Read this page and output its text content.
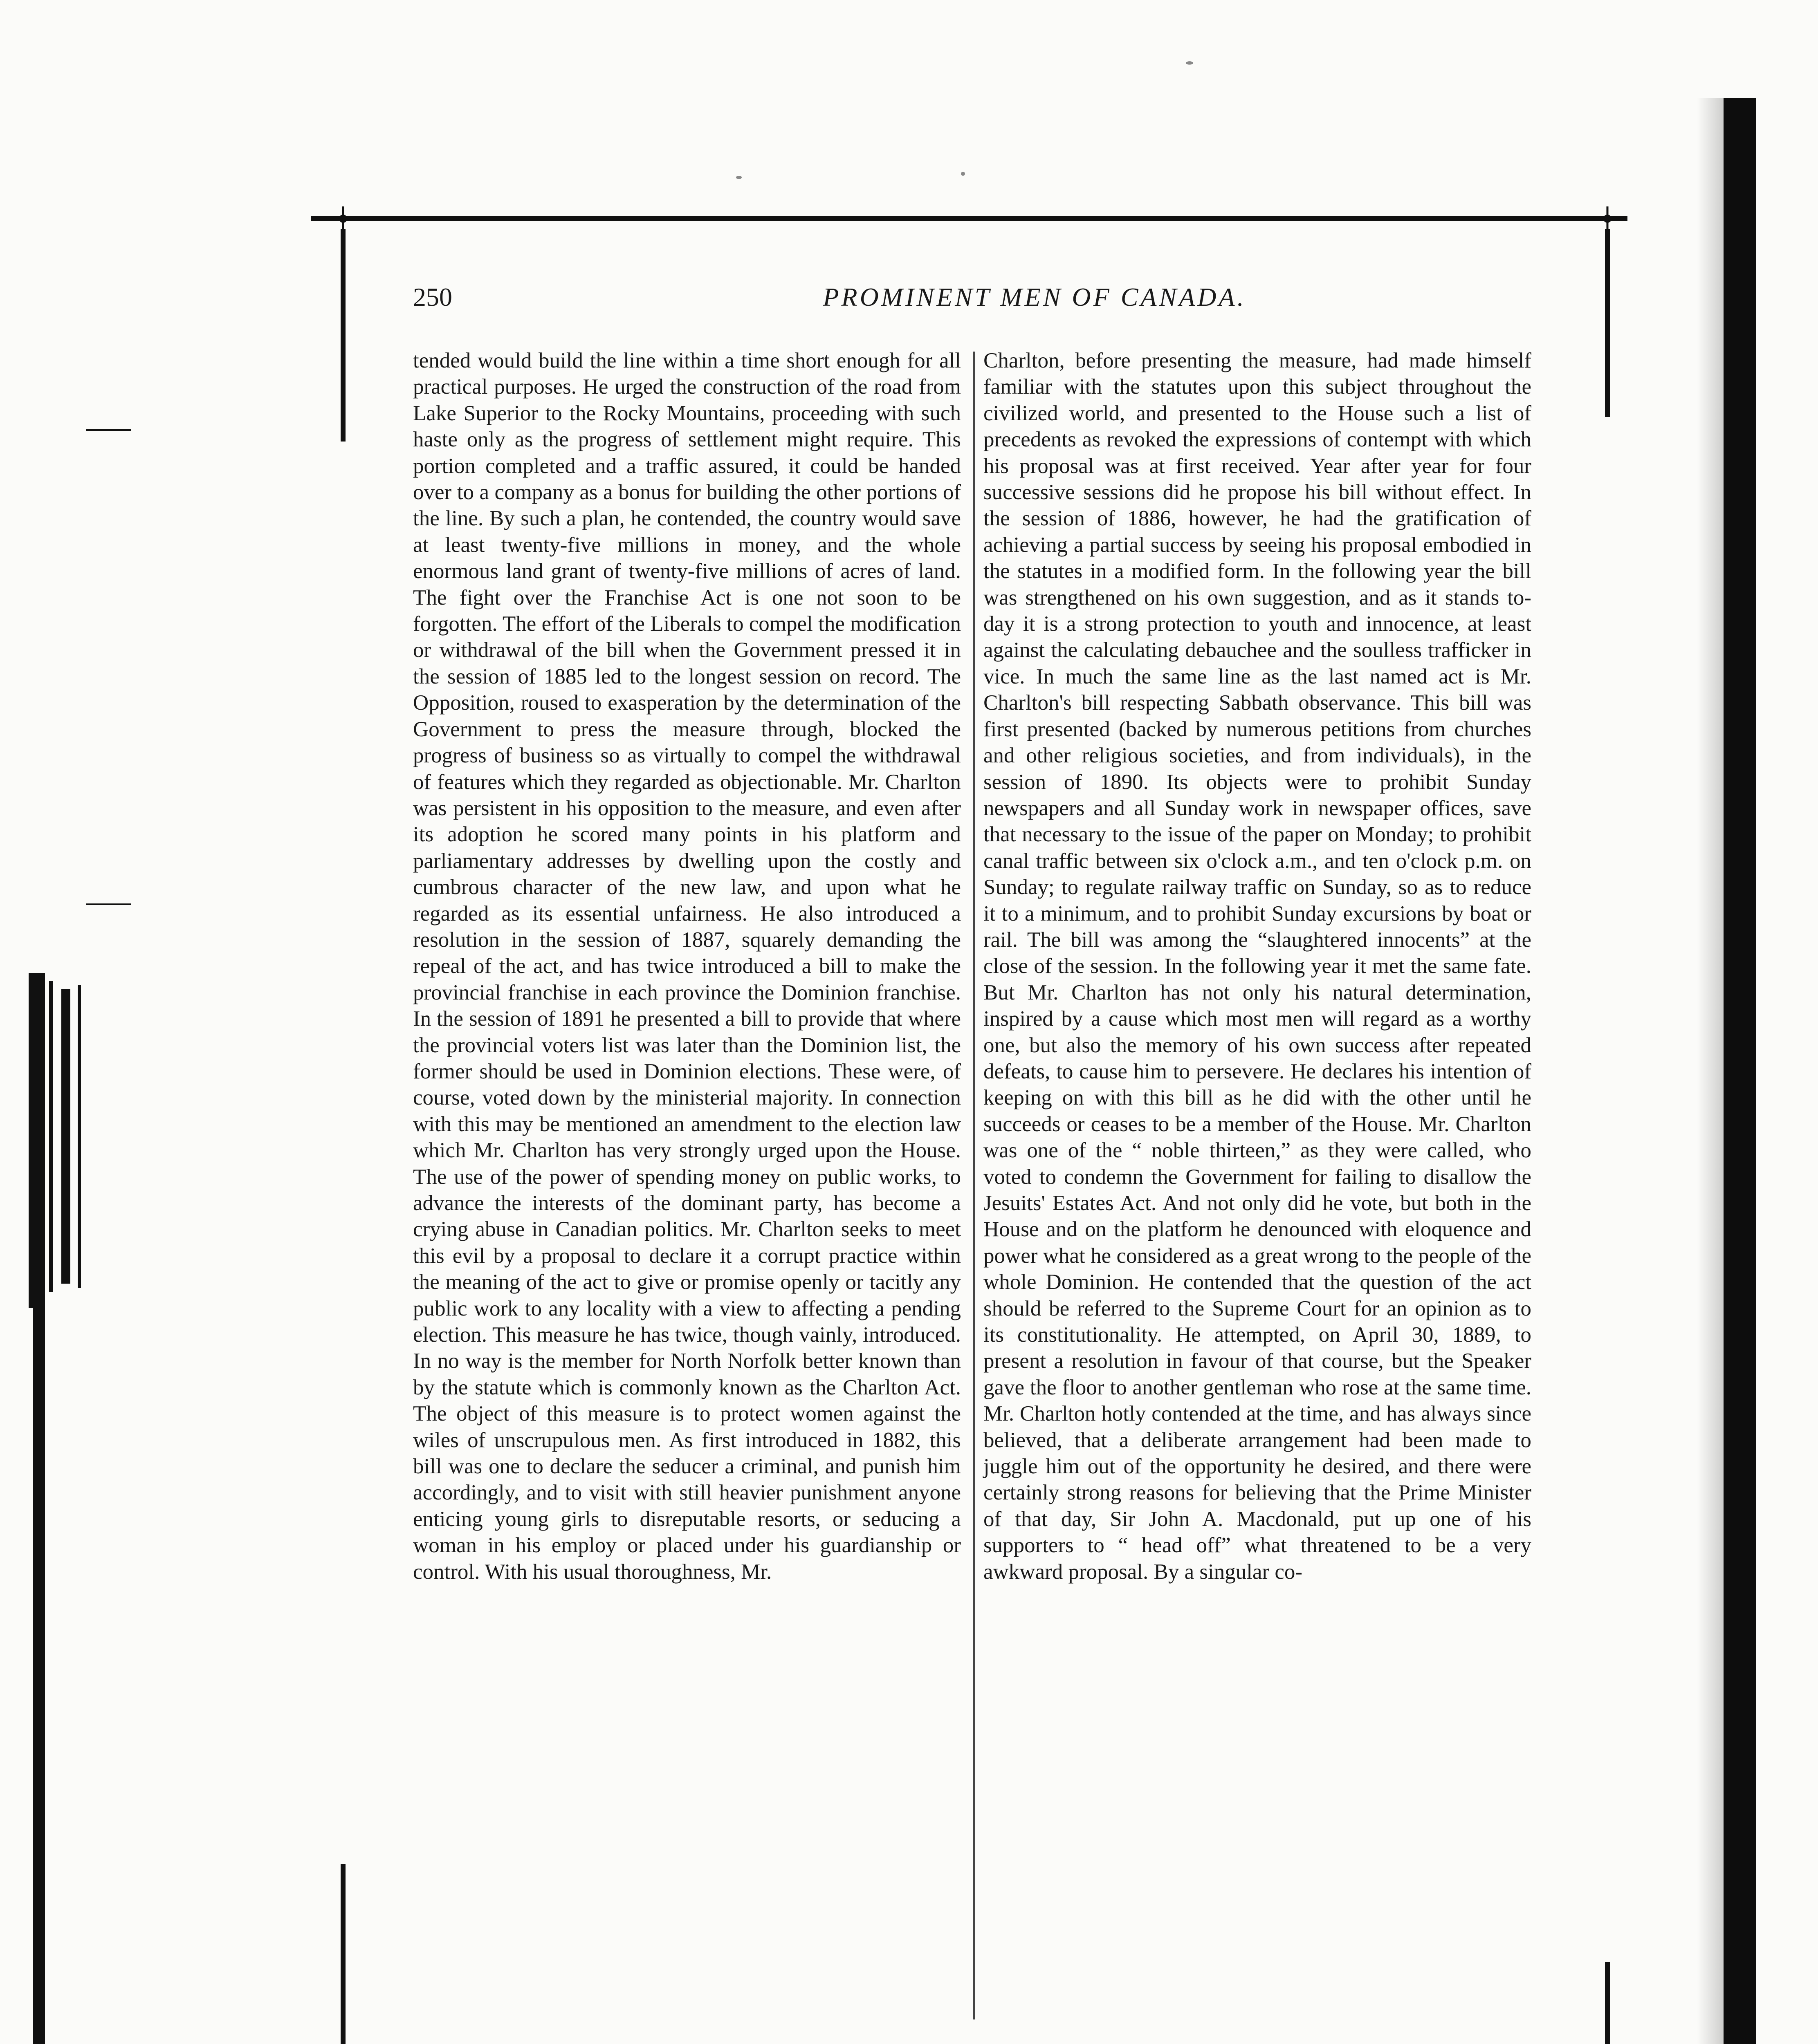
250	PROMINENT MEN OF CANADA.

tended would build the line within a time short enough for all practical purposes. He urged the construction of the road from Lake Superior to the Rocky Mountains, proceeding with such haste only as the progress of settlement might require. This portion completed and a traffic assured, it could be handed over to a company as a bonus for building the other portions of the line. By such a plan, he contended, the country would save at least twenty-five millions in money, and the whole enormous land grant of twenty-five millions of acres of land. The fight over the Franchise Act is one not soon to be forgotten. The effort of the Liberals to compel the modification or withdrawal of the bill when the Government pressed it in the session of 1885 led to the longest session on record. The Opposition, roused to exasperation by the determination of the Government to press the measure through, blocked the progress of business so as virtually to compel the withdrawal of features which they regarded as objectionable. Mr. Charlton was persistent in his opposition to the measure, and even after its adoption he scored many points in his platform and parliamentary addresses by dwelling upon the costly and cumbrous character of the new law, and upon what he regarded as its essential unfairness. He also introduced a resolution in the session of 1887, squarely demanding the repeal of the act, and has twice introduced a bill to make the provincial franchise in each province the Dominion franchise. In the session of 1891 he presented a bill to provide that where the provincial voters list was later than the Dominion list, the former should be used in Dominion elections. These were, of course, voted down by the ministerial majority. In connection with this may be mentioned an amendment to the election law which Mr. Charlton has very strongly urged upon the House. The use of the power of spending money on public works, to advance the interests of the dominant party, has become a crying abuse in Canadian politics. Mr. Charlton seeks to meet this evil by a proposal to declare it a corrupt practice within the meaning of the act to give or promise openly or tacitly any public work to any locality with a view to affecting a pending election. This measure he has twice, though vainly, introduced. In no way is the member for North Norfolk better known than by the statute which is commonly known as the Charlton Act. The object of this measure is to protect women against the wiles of unscrupulous men. As first introduced in 1882, this bill was one to declare the seducer a criminal, and punish him accordingly, and to visit with still heavier punishment anyone enticing young girls to disreputable resorts, or seducing a woman in his employ or placed under his guardianship or control. With his usual thoroughness, Mr.

Charlton, before presenting the measure, had made himself familiar with the statutes upon this subject throughout the civilized world, and presented to the House such a list of precedents as revoked the expressions of contempt with which his proposal was at first received. Year after year for four successive sessions did he propose his bill without effect. In the session of 1886, however, he had the gratification of achieving a partial success by seeing his proposal embodied in the statutes in a modified form. In the following year the bill was strengthened on his own suggestion, and as it stands to-day it is a strong protection to youth and innocence, at least against the calculating debauchee and the soulless trafficker in vice. In much the same line as the last named act is Mr. Charlton's bill respecting Sabbath observance. This bill was first presented (backed by numerous petitions from churches and other religious societies, and from individuals), in the session of 1890. Its objects were to prohibit Sunday newspapers and all Sunday work in newspaper offices, save that necessary to the issue of the paper on Monday; to prohibit canal traffic between six o'clock a.m., and ten o'clock p.m. on Sunday; to regulate railway traffic on Sunday, so as to reduce it to a minimum, and to prohibit Sunday excursions by boat or rail. The bill was among the “slaughtered innocents” at the close of the session. In the following year it met the same fate. But Mr. Charlton has not only his natural determination, inspired by a cause which most men will regard as a worthy one, but also the memory of his own success after repeated defeats, to cause him to persevere. He declares his intention of keeping on with this bill as he did with the other until he succeeds or ceases to be a member of the House. Mr. Charlton was one of the “ noble thirteen,” as they were called, who voted to condemn the Government for failing to disallow the Jesuits' Estates Act. And not only did he vote, but both in the House and on the platform he denounced with eloquence and power what he considered as a great wrong to the people of the whole Dominion. He contended that the question of the act should be referred to the Supreme Court for an opinion as to its constitutionality. He attempted, on April 30, 1889, to present a resolution in favour of that course, but the Speaker gave the floor to another gentleman who rose at the same time. Mr. Charlton hotly contended at the time, and has always since believed, that a deliberate arrangement had been made to juggle him out of the opportunity he desired, and there were certainly strong reasons for believing that the Prime Minister of that day, Sir John A. Macdonald, put up one of his supporters to “ head off” what threatened to be a very awkward proposal. By a singular co-
